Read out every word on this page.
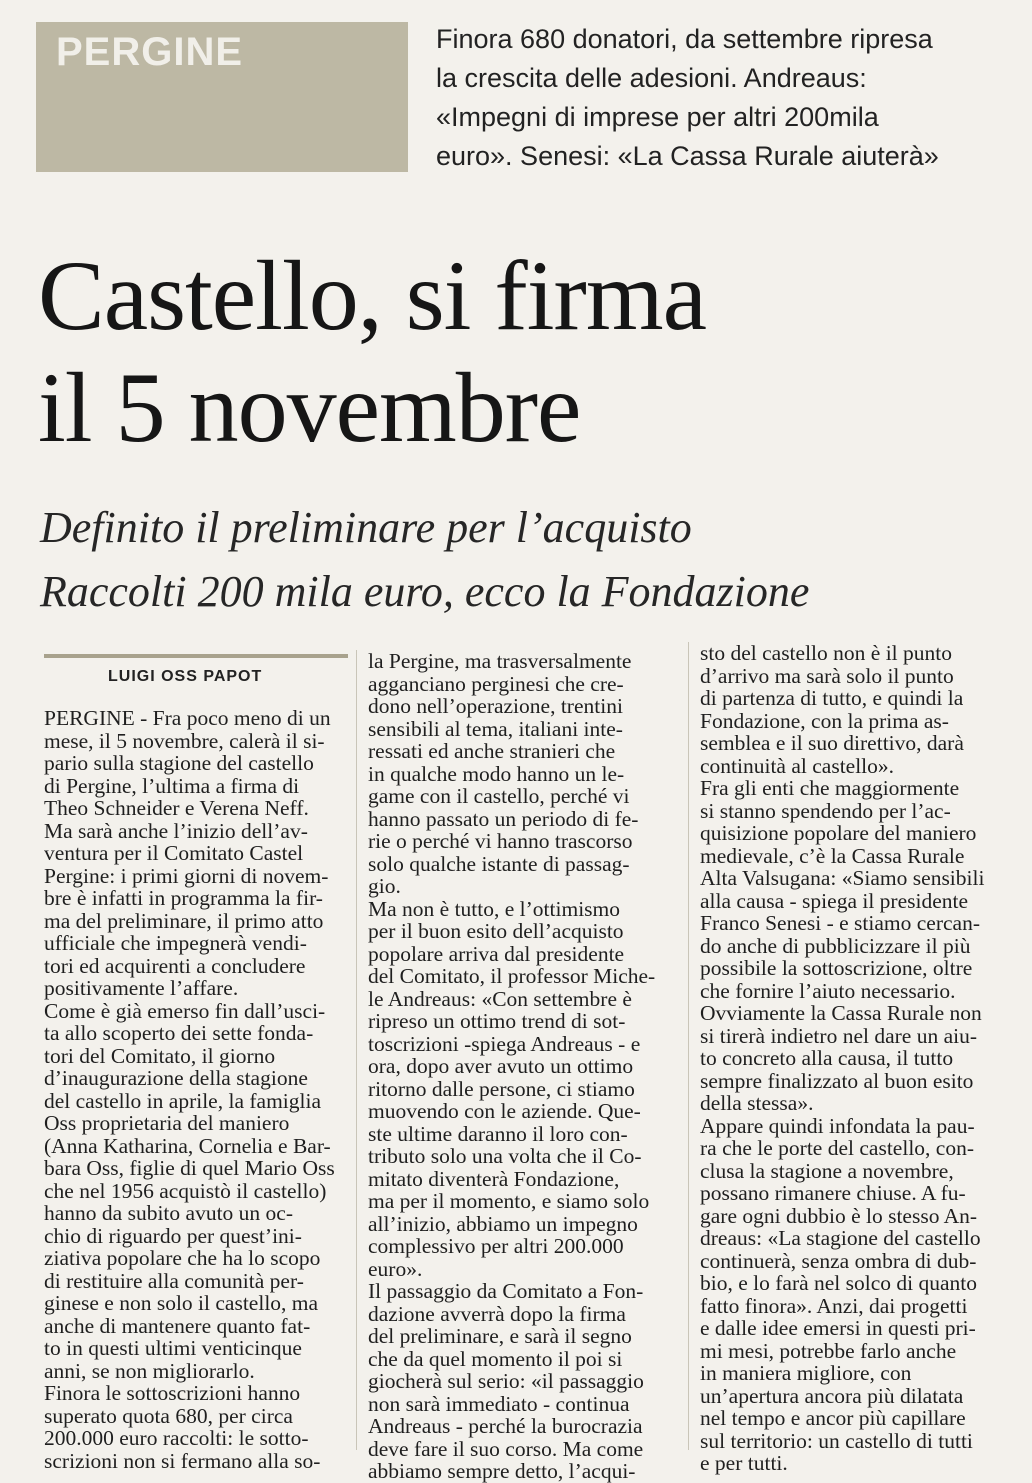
PERGINE	Finora 680 donatori, da settembre ripresa
la crescita delle adesioni. Andreaus:
«Impegni di imprese per altri 200mila
euro». Senesi: «La Cassa Rurale aiuterà»
Castello, si firma
il 5 novembre
Definito il preliminare per l’acquisto
Raccolti 200 mila euro, ecco la Fondazione
LUIGI OSS PAPOT
PERGINE - Fra poco meno di un
mese, il 5 novembre, calerà il si-
pario sulla stagione del castello
di Pergine, l’ultima a firma di
Theo Schneider e Verena Neff.
Ma sarà anche l’inizio dell’av-
ventura per il Comitato Castel
Pergine: i primi giorni di novem-
bre è infatti in programma la fir-
ma del preliminare, il primo atto
ufficiale che impegnerà vendi-
tori ed acquirenti a concludere
positivamente l’affare.
Come è già emerso fin dall’usci-
ta allo scoperto dei sette fonda-
tori del Comitato, il giorno
d’inaugurazione della stagione
del castello in aprile, la famiglia
Oss proprietaria del maniero
(Anna Katharina, Cornelia e Bar-
bara Oss, figlie di quel Mario Oss
che nel 1956 acquistò il castello)
hanno da subito avuto un oc-
chio di riguardo per quest’ini-
ziativa popolare che ha lo scopo
di restituire alla comunità per-
ginese e non solo il castello, ma
anche di mantenere quanto fat-
to in questi ultimi venticinque
anni, se non migliorarlo.
Finora le sottoscrizioni hanno
superato quota 680, per circa
200.000 euro raccolti: le sotto-
scrizioni non si fermano alla so-
la Pergine, ma trasversalmente
agganciano perginesi che cre-
dono nell’operazione, trentini
sensibili al tema, italiani inte-
ressati ed anche stranieri che
in qualche modo hanno un le-
game con il castello, perché vi
hanno passato un periodo di fe-
rie o perché vi hanno trascorso
solo qualche istante di passag-
gio.
Ma non è tutto, e l’ottimismo
per il buon esito dell’acquisto
popolare arriva dal presidente
del Comitato, il professor Miche-
le Andreaus: «Con settembre è
ripreso un ottimo trend di sot-
toscrizioni -spiega Andreaus - e
ora, dopo aver avuto un ottimo
ritorno dalle persone, ci stiamo
muovendo con le aziende. Que-
ste ultime daranno il loro con-
tributo solo una volta che il Co-
mitato diventerà Fondazione,
ma per il momento, e siamo solo
all’inizio, abbiamo un impegno
complessivo per altri 200.000
euro».
Il passaggio da Comitato a Fon-
dazione avverrà dopo la firma
del preliminare, e sarà il segno
che da quel momento il poi si
giocherà sul serio: «il passaggio
non sarà immediato - continua
Andreaus - perché la burocrazia
deve fare il suo corso. Ma come
abbiamo sempre detto, l’acqui-
sto del castello non è il punto
d’arrivo ma sarà solo il punto
di partenza di tutto, e quindi la
Fondazione, con la prima as-
semblea e il suo direttivo, darà
continuità al castello».
Fra gli enti che maggiormente
si stanno spendendo per l’ac-
quisizione popolare del maniero
medievale, c’è la Cassa Rurale
Alta Valsugana: «Siamo sensibili
alla causa - spiega il presidente
Franco Senesi - e stiamo cercan-
do anche di pubblicizzare il più
possibile la sottoscrizione, oltre
che fornire l’aiuto necessario.
Ovviamente la Cassa Rurale non
si tirerà indietro nel dare un aiu-
to concreto alla causa, il tutto
sempre finalizzato al buon esito
della stessa».
Appare quindi infondata la pau-
ra che le porte del castello, con-
clusa la stagione a novembre,
possano rimanere chiuse. A fu-
gare ogni dubbio è lo stesso An-
dreaus: «La stagione del castello
continuerà, senza ombra di dub-
bio, e lo farà nel solco di quanto
fatto finora». Anzi, dai progetti
e dalle idee emersi in questi pri-
mi mesi, potrebbe farlo anche
in maniera migliore, con
un’apertura ancora più dilatata
nel tempo e ancor più capillare
sul territorio: un castello di tutti
e per tutti.
